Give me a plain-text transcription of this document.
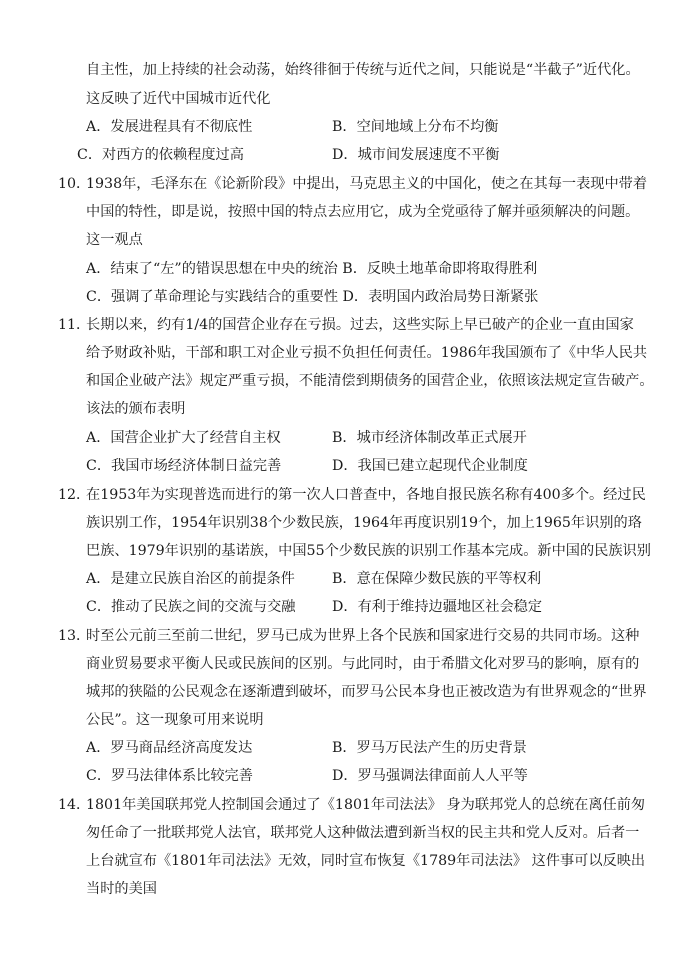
自主性，加上持续的社会动荡，始终徘徊于传统与近代之间，只能说是“半截子”近代化。
这反映了近代中国城市近代化
A．发展进程具有不彻底性	B．空间地域上分布不均衡
C．对西方的依赖程度过高	D．城市间发展速度不平衡
10．
1938年，毛泽东在《论新阶段》中提出，马克思主义的中国化，使之在其每一表现中带着
中国的特性，即是说，按照中国的特点去应用它，成为全党亟待了解并亟须解决的问题。
这一观点
A．结束了“左”的错误思想在中央的统治 B．反映土地革命即将取得胜利
C．强调了革命理论与实践结合的重要性 D．表明国内政治局势日渐紧张
11．
长期以来，约有1/4的国营企业存在亏损。过去，这些实际上早已破产的企业一直由国家
给予财政补贴，干部和职工对企业亏损不负担任何责任。1986年我国颁布了《中华人民共
和国企业破产法》规定严重亏损，不能清偿到期债务的国营企业，依照该法规定宣告破产。
该法的颁布表明
A．国营企业扩大了经营自主权	B．城市经济体制改革正式展开
C．我国市场经济体制日益完善	D．我国已建立起现代企业制度
12．
在1953年为实现普选而进行的第一次人口普查中，各地自报民族名称有400多个。经过民
族识别工作，1954年识别38个少数民族，1964年再度识别19个，加上1965年识别的珞
巴族、1979年识别的基诺族，中国55个少数民族的识别工作基本完成。新中国的民族识别
A．是建立民族自治区的前提条件	B．意在保障少数民族的平等权利
C．推动了民族之间的交流与交融	D．有利于维持边疆地区社会稳定
13．
时至公元前三至前二世纪，罗马已成为世界上各个民族和国家进行交易的共同市场。这种
商业贸易要求平衡人民或民族间的区别。与此同时，由于希腊文化对罗马的影响，原有的
城邦的狭隘的公民观念在逐渐遭到破坏，而罗马公民本身也正被改造为有世界观念的“世界
公民”。这一现象可用来说明
A．罗马商品经济高度发达	B．罗马万民法产生的历史背景
C．罗马法律体系比较完善	D．罗马强调法律面前人人平等
14．
1801年美国联邦党人控制国会通过了《1801年司法法》 身为联邦党人的总统在离任前匆
匆任命了一批联邦党人法官，联邦党人这种做法遭到新当权的民主共和党人反对。后者一
上台就宣布《1801年司法法》无效，同时宣布恢复《1789年司法法》 这件事可以反映出
当时的美国
